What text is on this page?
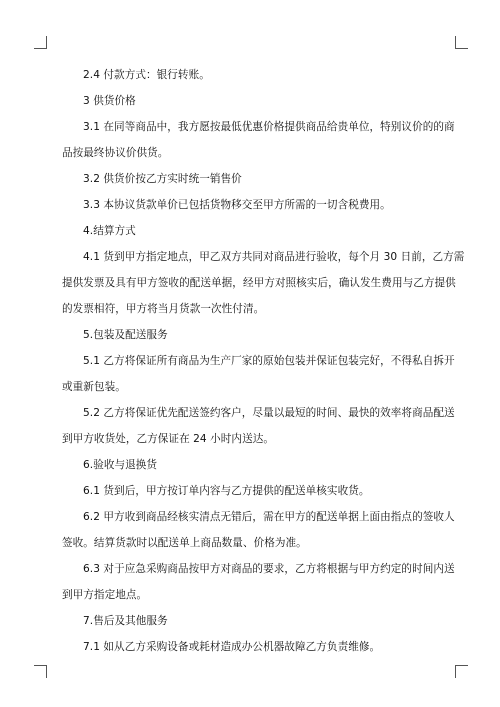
2.4 付款方式：银行转账。
3 供货价格
3.1 在同等商品中，我方愿按最低优惠价格提供商品给贵单位，特别议价的的商
品按最终协议价供货。
3.2 供货价按乙方实时统一销售价
3.3 本协议货款单价已包括货物移交至甲方所需的一切含税费用。
4.结算方式
4.1 货到甲方指定地点，甲乙双方共同对商品进行验收，每个月 30 日前，乙方需
提供发票及具有甲方签收的配送单据，经甲方对照核实后，确认发生费用与乙方提供
的发票相符，甲方将当月货款一次性付清。
5.包装及配送服务
5.1 乙方将保证所有商品为生产厂家的原始包装并保证包装完好，不得私自拆开
或重新包装。
5.2 乙方将保证优先配送签约客户，尽量以最短的时间、最快的效率将商品配送
到甲方收货处，乙方保证在 24 小时内送达。
6.验收与退换货
6.1 货到后，甲方按订单内容与乙方提供的配送单核实收货。
6.2 甲方收到商品经核实清点无错后，需在甲方的配送单据上面由指点的签收人
签收。结算货款时以配送单上商品数量、价格为准。
6.3 对于应急采购商品按甲方对商品的要求，乙方将根据与甲方约定的时间内送
到甲方指定地点。
7.售后及其他服务
7.1 如从乙方采购设备或耗材造成办公机器故障乙方负责维修。
